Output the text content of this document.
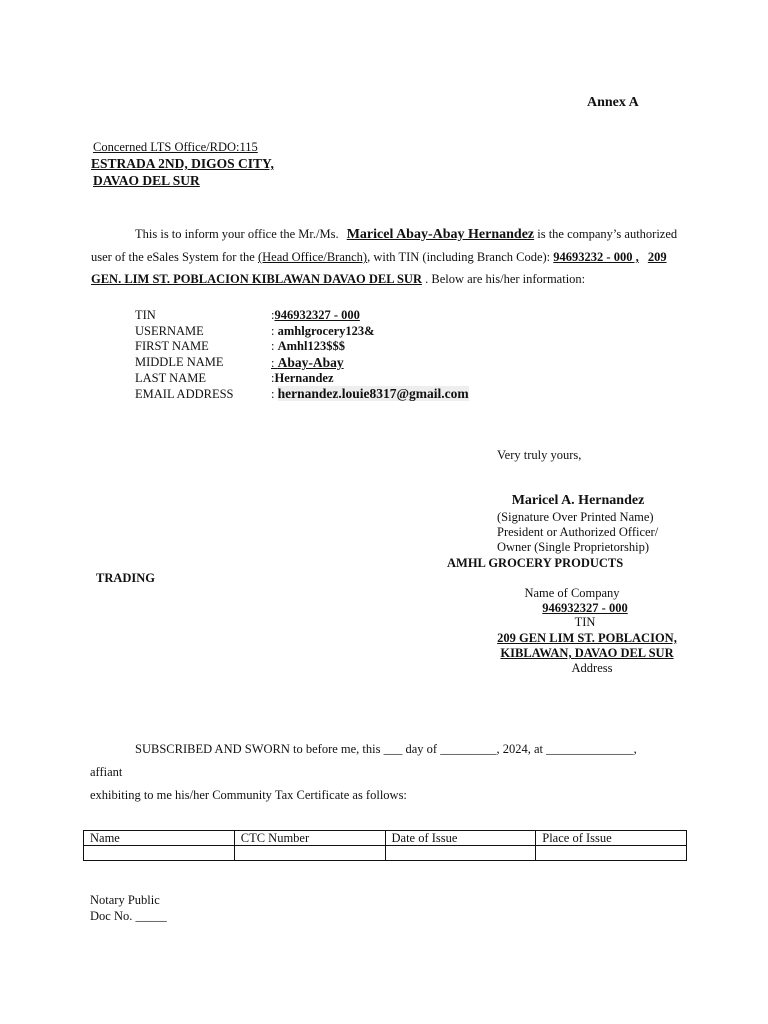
Annex A
Concerned LTS Office/RDO:115
ESTRADA 2ND, DIGOS CITY,
DAVAO DEL SUR
This is to inform your office the Mr./Ms. Maricel Abay-Abay Hernandez is the company’s authorized
user of the eSales System for the (Head Office/Branch), with TIN (including Branch Code): 94693232 - 000 , 209
GEN. LIM ST. POBLACION KIBLAWAN DAVAO DEL SUR . Below are his/her information:
TIN	:946932327 - 000
USERNAME	: amhlgrocery123&
FIRST NAME	: Amhl123$$$
MIDDLE NAME	: Abay-Abay
LAST NAME	:Hernandez
EMAIL ADDRESS	: hernandez.louie8317@gmail.com
Very truly yours,
Maricel A. Hernandez
(Signature Over Printed Name)
President or Authorized Officer/
Owner (Single Proprietorship)
AMHL GROCERY PRODUCTS
TRADING
Name of Company
946932327 - 000
TIN
209 GEN LIM ST. POBLACION,
KIBLAWAN, DAVAO DEL SUR
Address
SUBSCRIBED AND SWORN to before me, this ___ day of _________, 2024, at ______________,
affiant
exhibiting to me his/her Community Tax Certificate as follows:
Name	CTC Number	Date of Issue	Place of Issue

Notary Public
Doc No. _____
